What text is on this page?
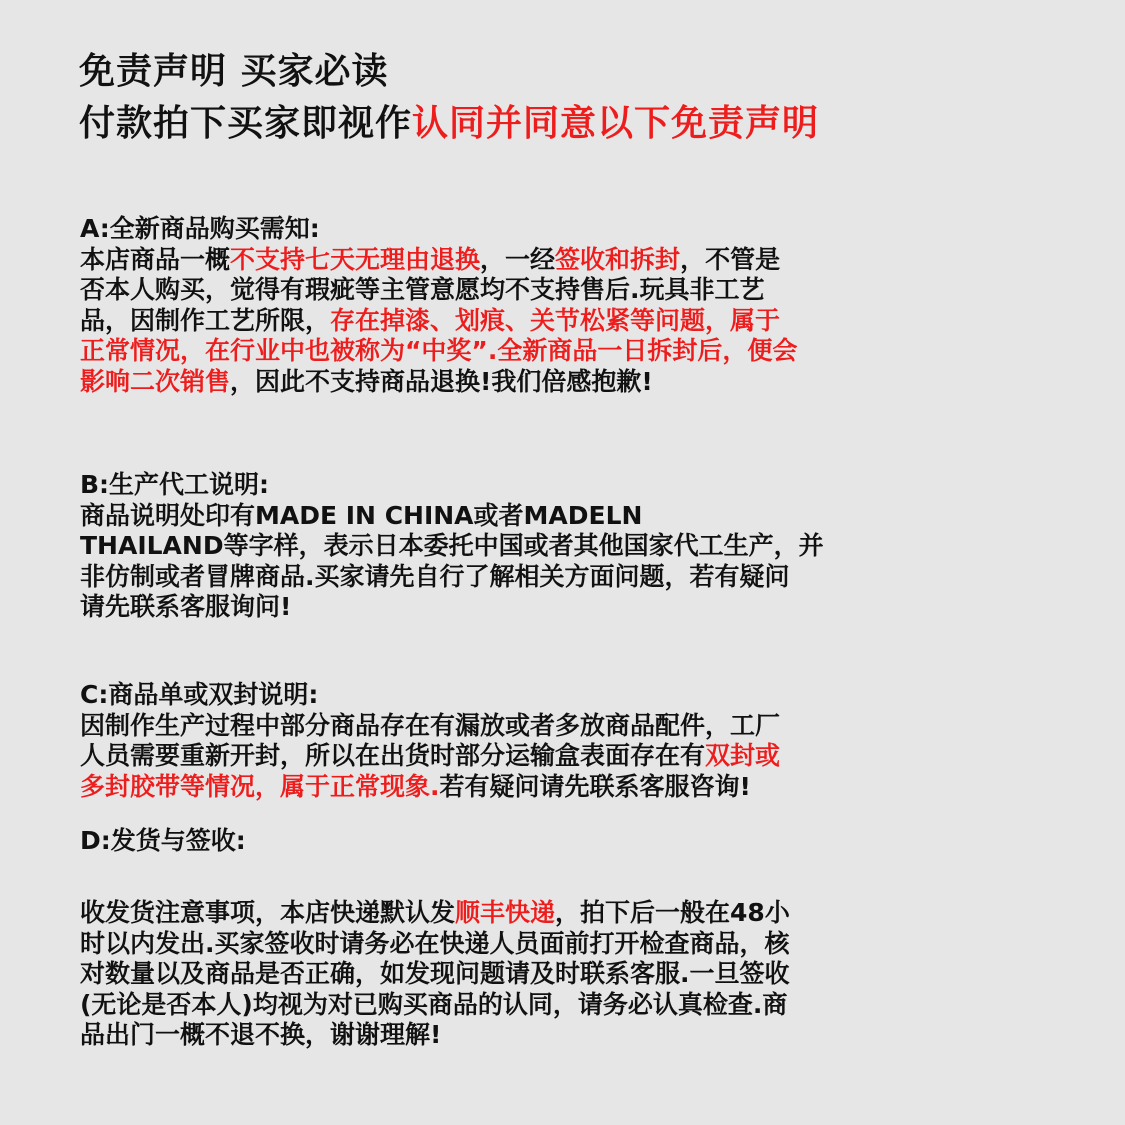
免责声明 买家必读
付款拍下买家即视作认同并同意以下免责声明

A:全新商品购买需知:

本店商品一概不支持七天无理由退换，一经签收和拆封，不管是

否本人购买，觉得有瑕疵等主管意愿均不支持售后.玩具非工艺

品，因制作工艺所限，存在掉漆、划痕、关节松紧等问题，属于

正常情况，在行业中也被称为“中奖”.全新商品一日拆封后，便会

影响二次销售，因此不支持商品退换!我们倍感抱歉!

B:生产代工说明:

商品说明处印有MADE IN CHINA或者MADELN

THAILAND等字样，表示日本委托中国或者其他国家代工生产，并

非仿制或者冒牌商品.买家请先自行了解相关方面问题，若有疑问

请先联系客服询问!

C:商品单或双封说明:

因制作生产过程中部分商品存在有漏放或者多放商品配件，工厂

人员需要重新开封，所以在出货时部分运输盒表面存在有双封或

多封胶带等情况，属于正常现象.若有疑问请先联系客服咨询!

D:发货与签收:

收发货注意事项，本店快递默认发顺丰快递，拍下后一般在48小

时以内发出.买家签收时请务必在快递人员面前打开检查商品，核

对数量以及商品是否正确，如发现问题请及时联系客服.一旦签收

(无论是否本人)均视为对已购买商品的认同，请务必认真检查.商

品出门一概不退不换，谢谢理解!
